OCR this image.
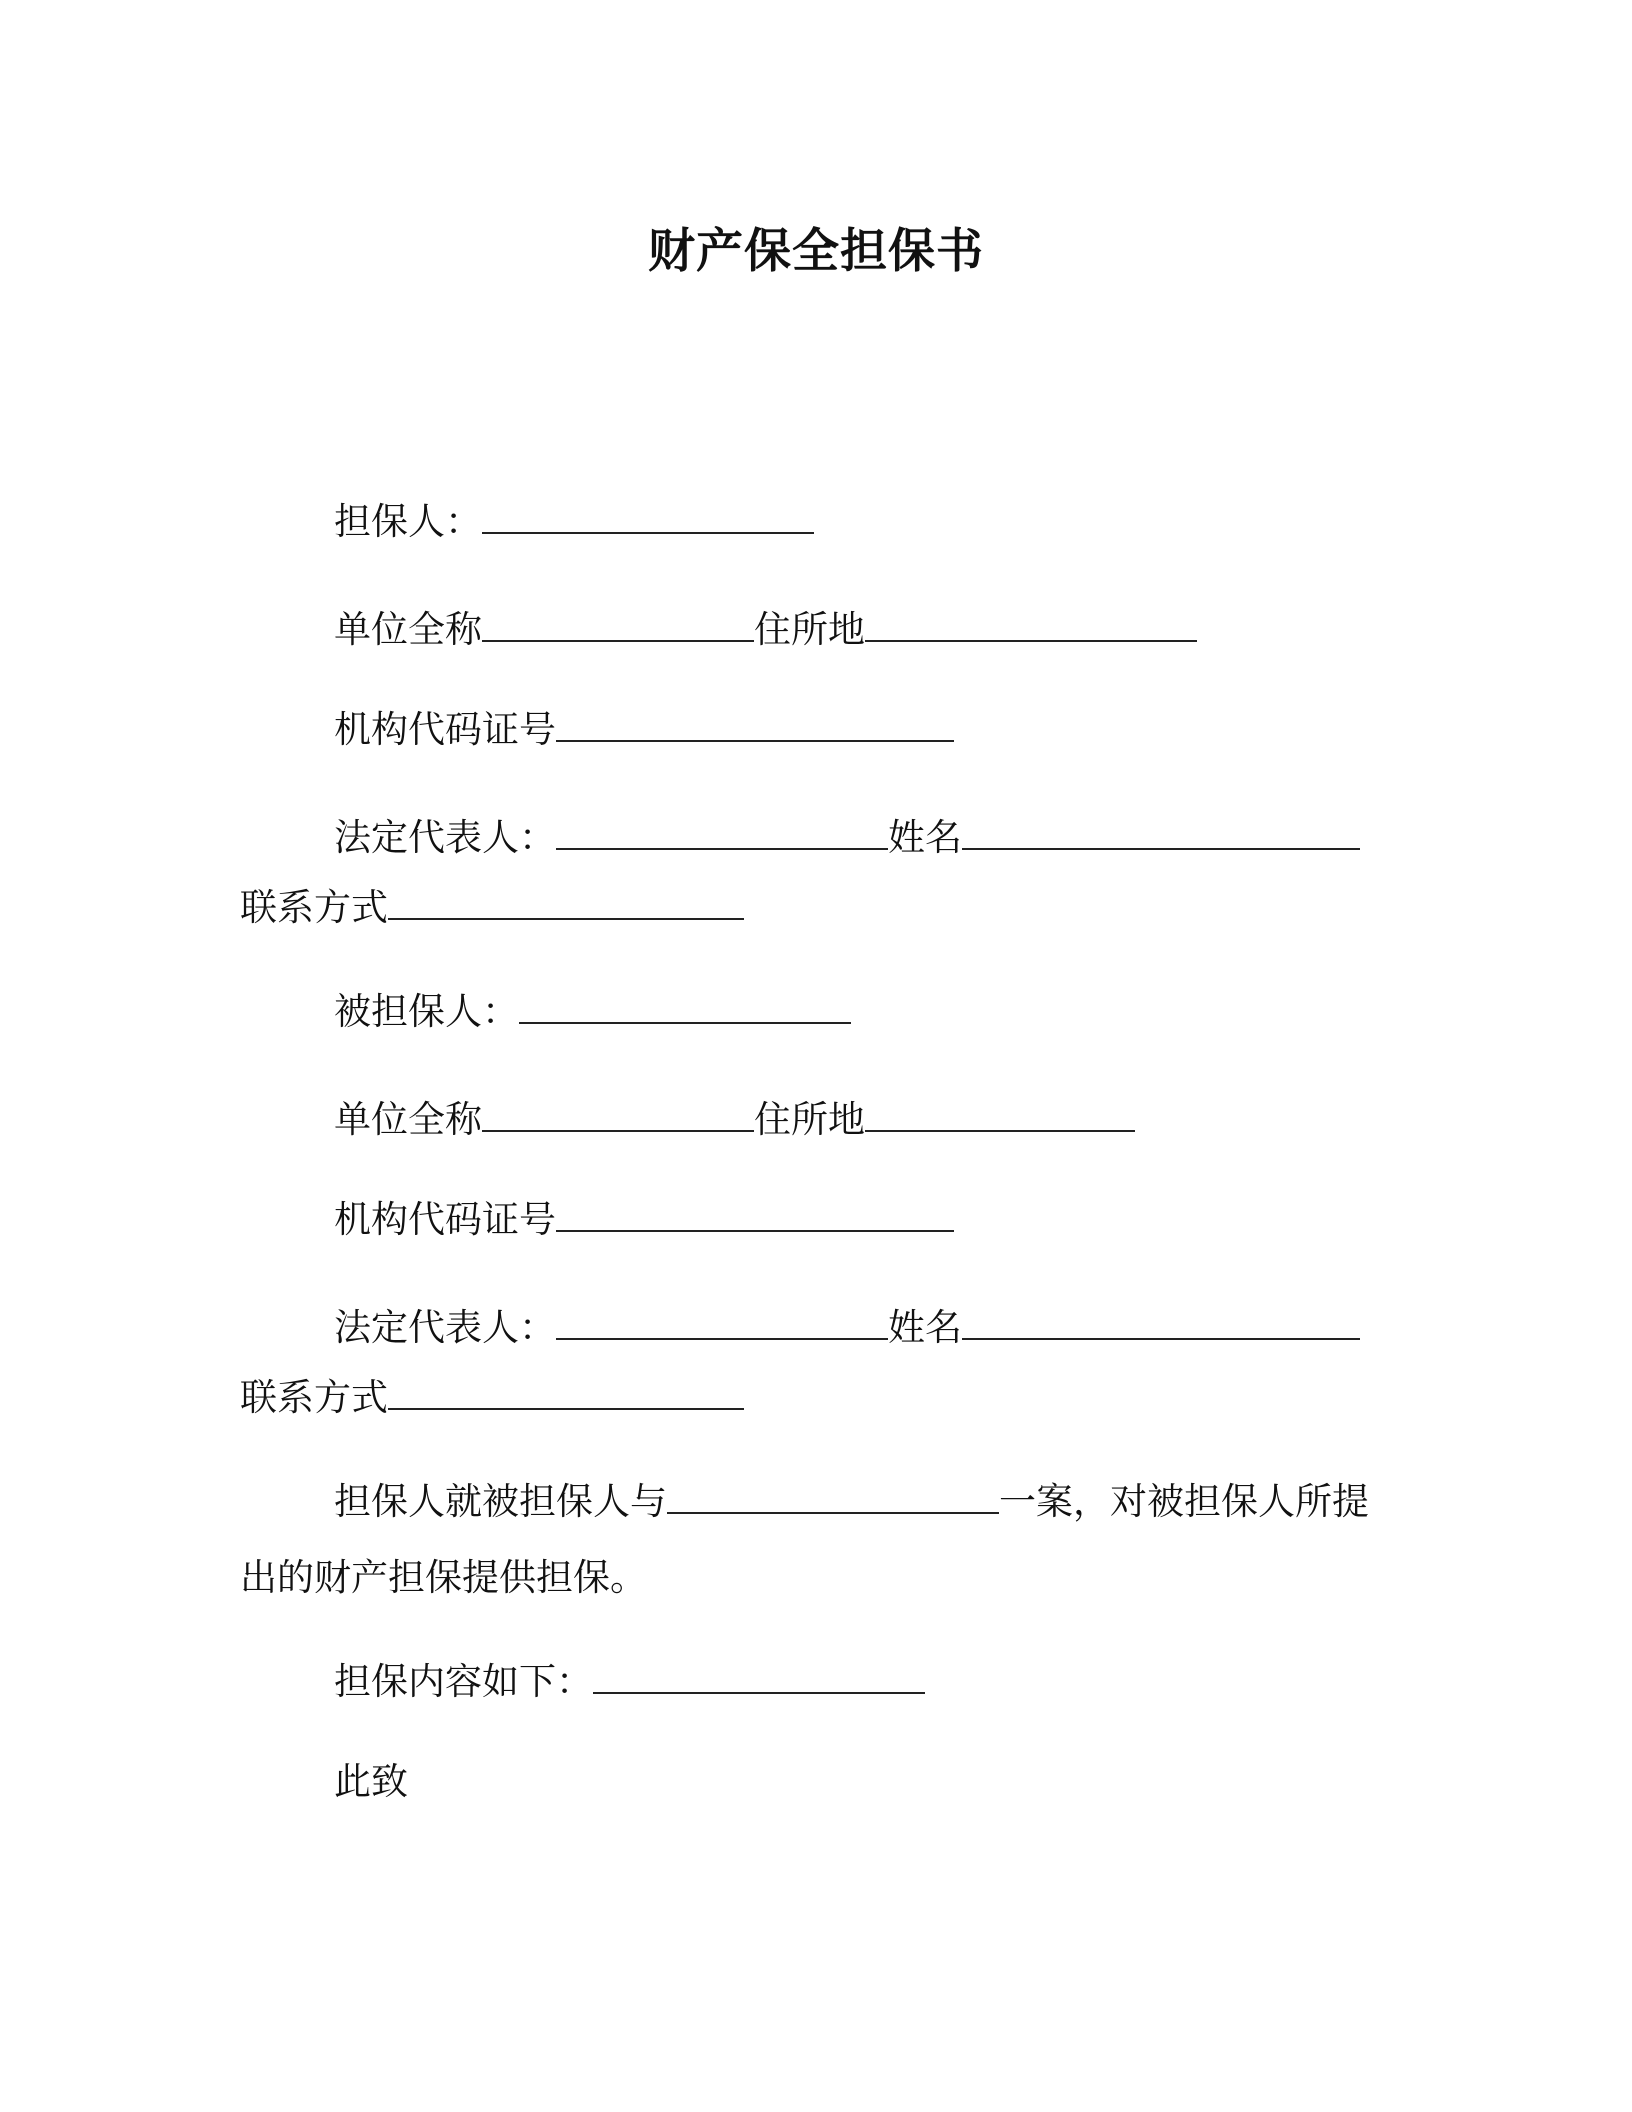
财产保全担保书
担保人：
单位全称	住所地
机构代码证号
法定代表人：	姓名
联系方式
被担保人：
单位全称	住所地
机构代码证号
法定代表人：	姓名
联系方式
担保人就被担保人与	一案，对被担保人所提
出的财产担保提供担保。
担保内容如下：
此致
